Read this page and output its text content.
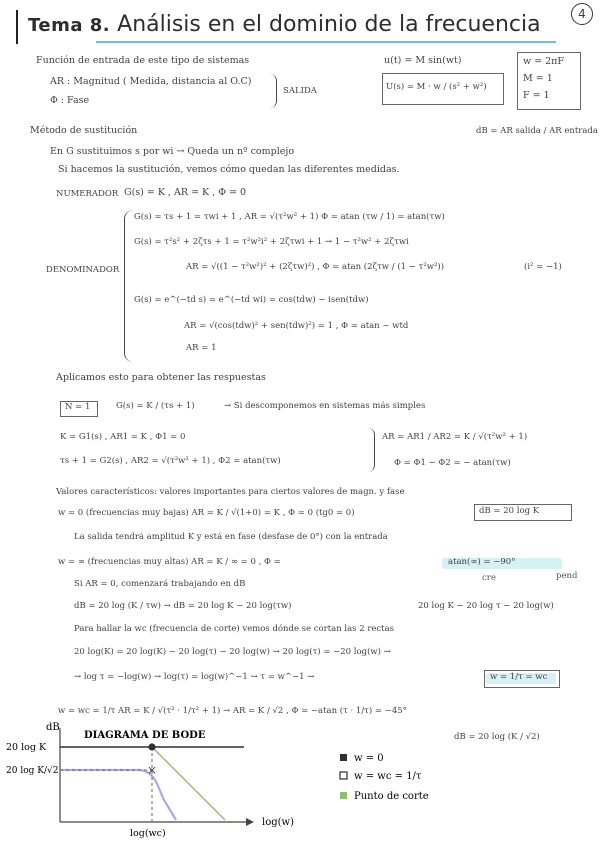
Tema 8. Análisis en el dominio de la frecuencia	4
Función de entrada de este tipo de sistemas
AR : Magnitud ( Medida, distancia al O.C)
Φ : Fase
SALIDA
u(t) = M sin(wt)
U(s) = M · w / (s² + w²)
w = 2πF
M = 1
F = 1
Método de sustitución	dB = AR salida / AR entrada
En G sustituimos s por wi → Queda un nº complejo
Si hacemos la sustitución, vemos cómo quedan las diferentes medidas.
NUMERADOR G(s) = K , AR = K , Φ = 0
DENOMINADOR
G(s) = τs + 1 = τwi + 1 , AR = √(τ²w² + 1) Φ = atan (τw / 1) = atan(τw)
G(s) = τ²s² + 2ζτs + 1 = τ²w²i² + 2ζτwi + 1 → 1 − τ²w² + 2ζτwi
AR = √((1 − τ²w²)² + (2ζτw)²) , Φ = atan (2ζτw / (1 − τ²w²))	(i² = −1)
G(s) = e^(−td s) = e^(−td wi) = cos(tdw) − isen(tdw)
AR = √(cos(tdw)² + sen(tdw)²) = 1 , Φ = atan − wtd
AR = 1
Aplicamos esto para obtener las respuestas
N = 1	G(s) = K / (τs + 1)	→ Si descomponemos en sistemas más simples
K = G1(s) , AR1 = K , Φ1 = 0
τs + 1 = G2(s) , AR2 = √(τ²w² + 1) , Φ2 = atan(τw)
AR = AR1 / AR2 = K / √(τ²w² + 1)
Φ = Φ1 − Φ2 = − atan(τw)
Valores característicos: valores importantes para ciertos valores de magn. y fase
w = 0 (frecuencias muy bajas) AR = K / √(1+0) = K , Φ = 0 (tg0 = 0)	dB = 20 log K
La salida tendrá amplitud K y está en fase (desfase de 0°) con la entrada
w = ∞ (frecuencias muy altas) AR = K / ∞ = 0 , Φ =	atan(∞) = −90°
cre	pend
Si AR = 0, comenzará trabajando en dB
dB = 20 log (K / τw) → dB = 20 log K − 20 log(τw)	20 log K − 20 log τ − 20 log(w)
Para hallar la wc (frecuencia de corte) vemos dónde se cortan las 2 rectas
20 log(K) = 20 log(K) − 20 log(τ) − 20 log(w) → 20 log(τ) = −20 log(w) →
→ log τ = −log(w) → log(τ) = log(w)^−1 → τ = w^−1 →	w = 1/τ = wc
w = wc = 1/τ AR = K / √(τ² · 1/τ² + 1) → AR = K / √2 , Φ = −atan (τ · 1/τ) = −45°
dB = 20 log (K / √2)
dB
DIAGRAMA DE BODE
×
20 log K
20 log K/√2
log(wc)
log(w)
w = 0
w = wc = 1/τ
Punto de corte
